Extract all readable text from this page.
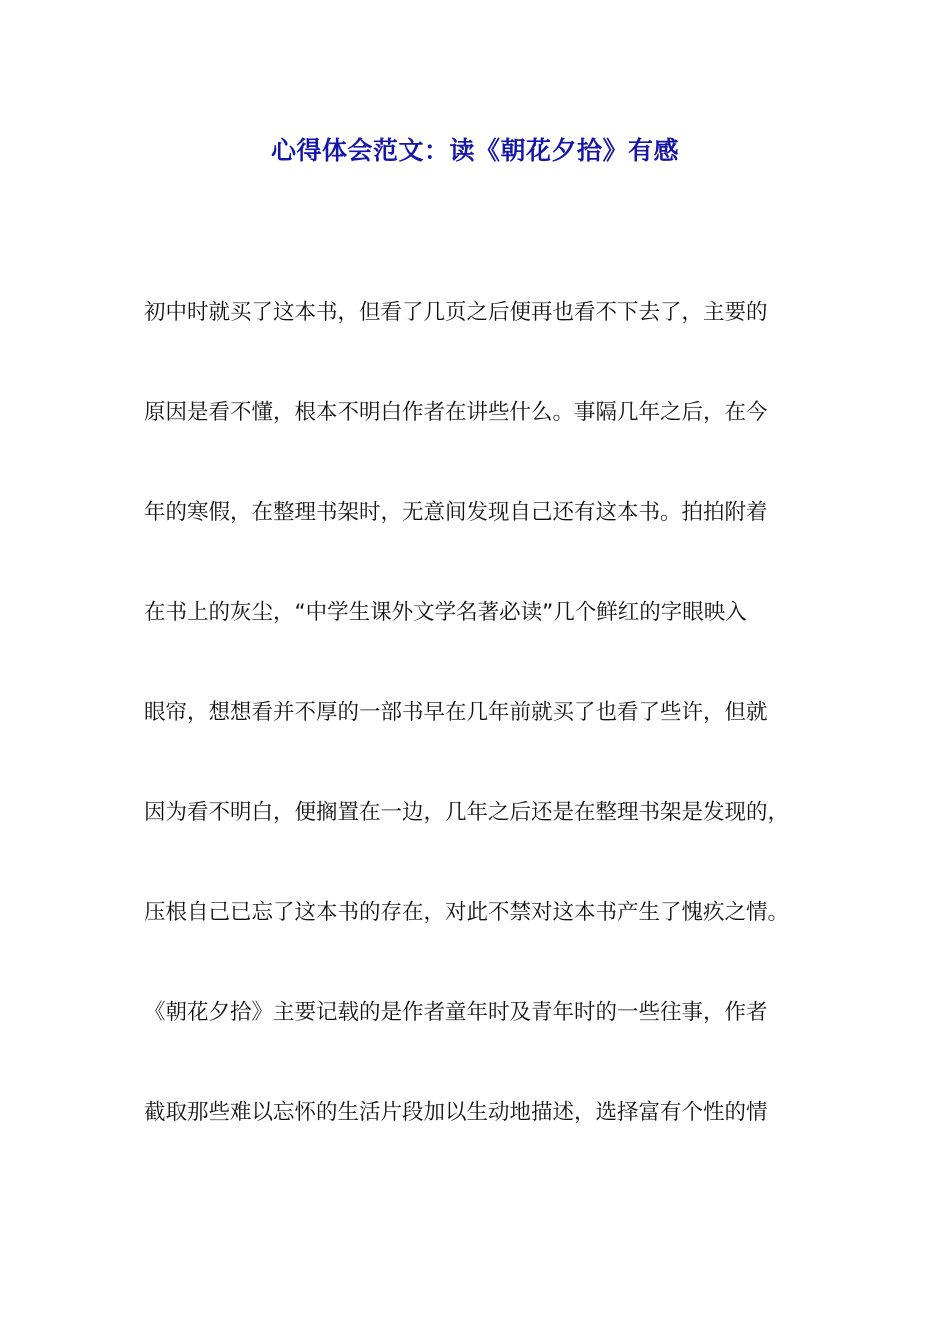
心得体会范文：读《朝花夕拾》有感
初中时就买了这本书，但看了几页之后便再也看不下去了，主要的
原因是看不懂，根本不明白作者在讲些什么。事隔几年之后，在今
年的寒假，在整理书架时，无意间发现自己还有这本书。拍拍附着
在书上的灰尘，“中学生课外文学名著必读”几个鲜红的字眼映入
眼帘，想想看并不厚的一部书早在几年前就买了也看了些许，但就
因为看不明白，便搁置在一边，几年之后还是在整理书架是发现的，
压根自己已忘了这本书的存在，对此不禁对这本书产生了愧疚之情。
《朝花夕拾》主要记载的是作者童年时及青年时的一些往事，作者
截取那些难以忘怀的生活片段加以生动地描述，选择富有个性的情
